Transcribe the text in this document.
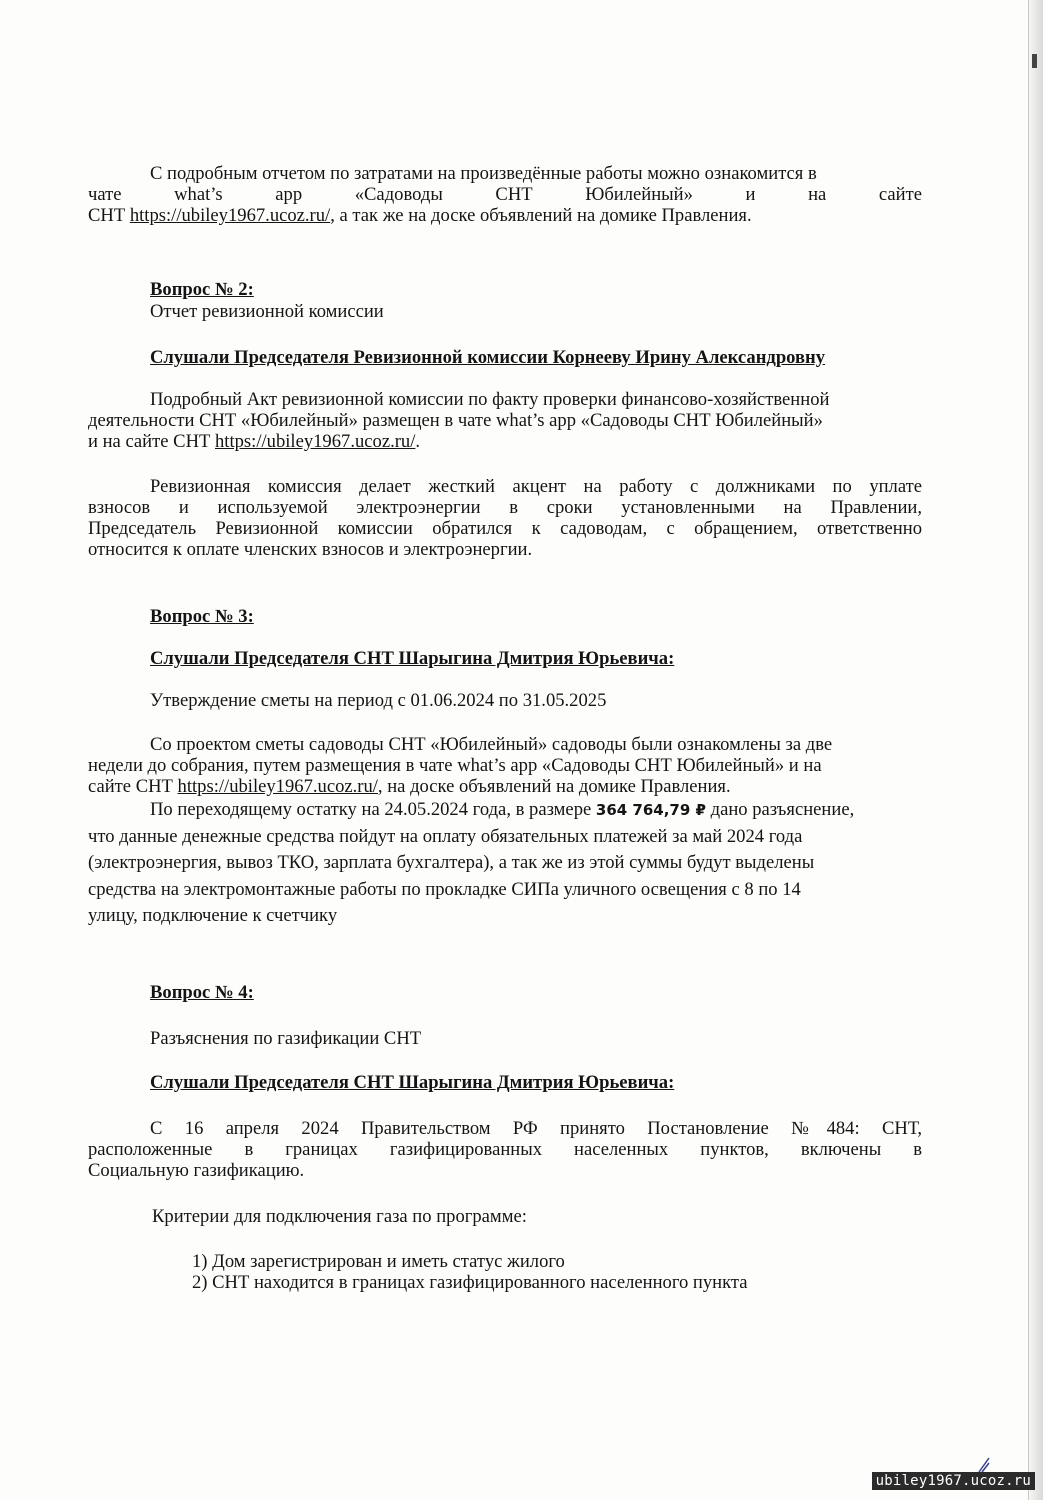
С подробным отчетом по затратами на произведённые работы можно ознакомится в

чате what’s app «Садоводы СНТ Юбилейный» и на сайте

СНТ https://ubiley1967.ucoz.ru/, а так же на доске объявлений на домике Правления.

Вопрос № 2:

Отчет ревизионной комиссии

Слушали Председателя Ревизионной комиссии Корнееву Ирину Александровну

Подробный Акт ревизионной комиссии по факту проверки финансово-хозяйственной

деятельности СНТ «Юбилейный» размещен в чате what’s app «Садоводы СНТ Юбилейный»

и на сайте СНТ https://ubiley1967.ucoz.ru/.

Ревизионная комиссия делает жесткий акцент на работу с должниками по уплате

взносов и используемой электроэнергии в сроки установленными на Правлении,

Председатель Ревизионной комиссии обратился к садоводам, с обращением, ответственно

относится к оплате членских взносов и электроэнергии.

Вопрос № 3:

Слушали Председателя СНТ Шарыгина Дмитрия Юрьевича:

Утверждение сметы на период с 01.06.2024 по 31.05.2025

Со проектом сметы садоводы СНТ «Юбилейный» садоводы были ознакомлены за две

недели до собрания, путем размещения в чате what’s app «Садоводы СНТ Юбилейный» и на

сайте СНТ https://ubiley1967.ucoz.ru/, на доске объявлений на домике Правления.

По переходящему остатку на 24.05.2024 года, в размере 364 764,79 ₽ дано разъяснение,

что данные денежные средства пойдут на оплату обязательных платежей за май 2024 года

(электроэнергия, вывоз ТКО, зарплата бухгалтера), а так же из этой суммы будут выделены

средства на электромонтажные работы по прокладке СИПа уличного освещения с 8 по 14

улицу, подключение к счетчику

Вопрос № 4:

Разъяснения по газификации СНТ

Слушали Председателя СНТ Шарыгина Дмитрия Юрьевича:

С 16 апреля 2024 Правительством РФ принято Постановление №484: СНТ,

расположенные в границах газифицированных населенных пунктов, включены в

Социальную газификацию.

Критерии для подключения газа по программе:

1) Дом зарегистрирован и иметь статус жилого
2) СНТ находится в границах газифицированного населенного пункта
ubiley1967.ucoz.ru
